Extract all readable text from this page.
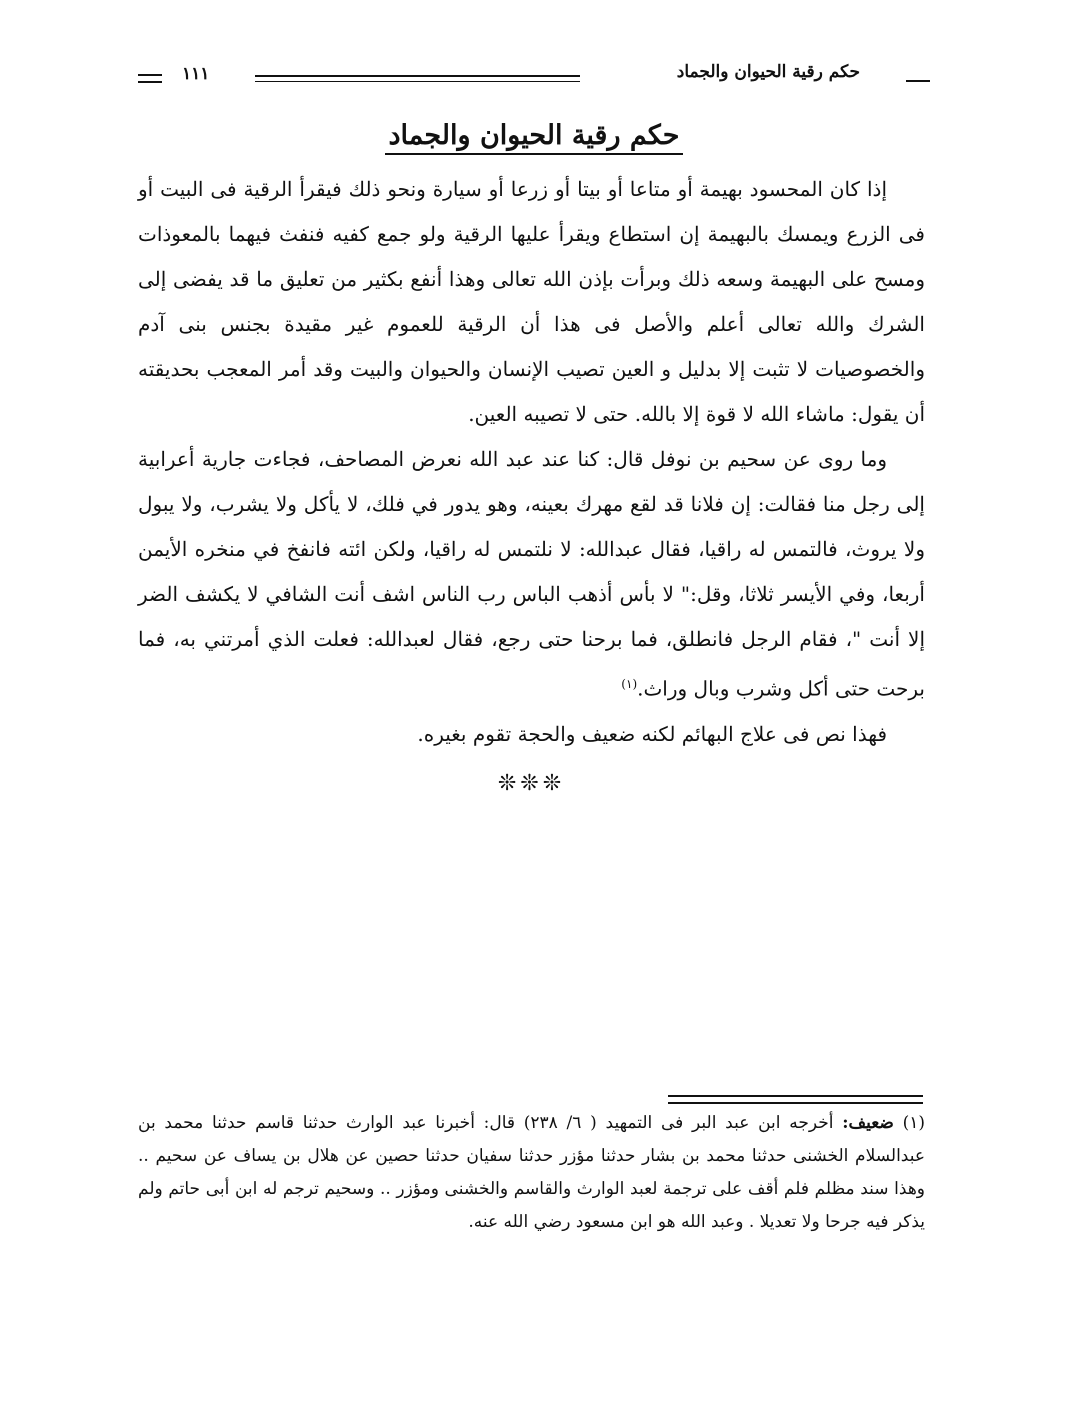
حكم رقية الحيوان والجماد
١١١
حكم رقية الحيوان والجماد

إذا كان المحسود بهيمة أو متاعا أو بيتا أو زرعا أو سيارة ونحو ذلك فيقرأ الرقية فى البيت أو فى الزرع ويمسك بالبهيمة إن استطاع ويقرأ عليها الرقية ولو جمع كفيه فنفث فيهما بالمعوذات ومسح على البهيمة وسعه ذلك وبرأت بإذن الله تعالى وهذا أنفع بكثير من تعليق ما قد يفضى إلى الشرك والله تعالى أعلم والأصل فى هذا أن الرقية للعموم غير مقيدة بجنس بنى آدم والخصوصيات لا تثبت إلا بدليل و العين تصيب الإنسان والحيوان والبيت وقد أمر المعجب بحديقته أن يقول: ماشاء الله لا قوة إلا بالله. حتى لا تصيبه العين.

وما روى عن سحيم بن نوفل قال: كنا عند عبد الله نعرض المصاحف، فجاءت جارية أعرابية إلى رجل منا فقالت: إن فلانا قد لقع مهرك بعينه، وهو يدور في فلك، لا يأكل ولا يشرب، ولا يبول ولا يروث، فالتمس له راقيا، فقال عبدالله: لا نلتمس له راقيا، ولكن ائته فانفخ في منخره الأيمن أربعا، وفي الأيسر ثلاثا، وقل:" لا بأس أذهب الباس رب الناس اشف أنت الشافي لا يكشف الضر إلا أنت "، فقام الرجل فانطلق، فما برحنا حتى رجع، فقال لعبدالله: فعلت الذي أمرتني به، فما برحت حتى أكل وشرب وبال وراث.$^{(١)}$

فهذا نص فى علاج البهائم لكنه ضعيف والحجة تقوم بغيره.

❊❊❊
(١) ضعيف: أخرجه ابن عبد البر فى التمهيد ( ٦/ ٢٣٨) قال: أخبرنا عبد الوارث حدثنا قاسم حدثنا محمد بن عبدالسلام الخشنى حدثنا محمد بن بشار حدثنا مؤزر حدثنا سفيان حدثنا حصين عن هلال بن يساف عن سحيم .. وهذا سند مظلم فلم أقف على ترجمة لعبد الوارث والقاسم والخشنى ومؤزر .. وسحيم ترجم له ابن أبى حاتم ولم يذكر فيه جرحا ولا تعديلا . وعبد الله هو ابن مسعود رضي الله عنه.
